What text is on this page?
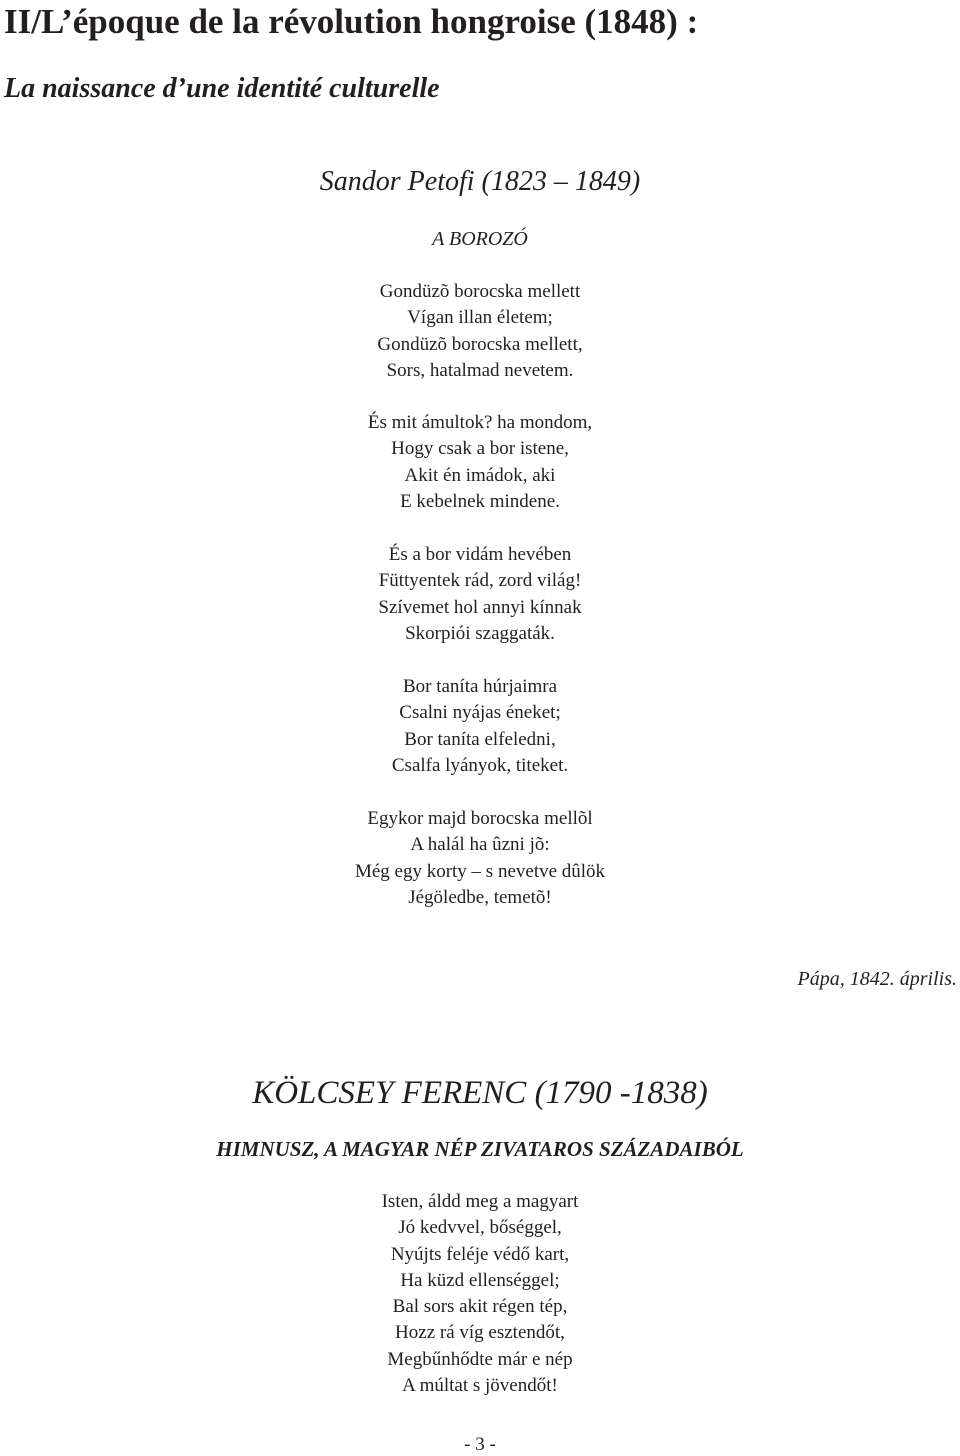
II/L’époque de la révolution hongroise (1848) :
La naissance d’une identité culturelle
Sandor Petofi (1823 – 1849)
A BOROZÓ
Gondüzõ borocska mellett
Vígan illan életem;
Gondüzõ borocska mellett,
Sors, hatalmad nevetem.
És mit ámultok? ha mondom,
Hogy csak a bor istene,
Akit én imádok, aki
E kebelnek mindene.
És a bor vidám hevében
Füttyentek rád, zord világ!
Szívemet hol annyi kínnak
Skorpiói szaggaták.
Bor taníta húrjaimra
Csalni nyájas éneket;
Bor taníta elfeledni,
Csalfa lyányok, titeket.
Egykor majd borocska mellõl
A halál ha ûzni jõ:
Még egy korty – s nevetve dûlök
Jégöledbe, temetõ!
Pápa, 1842. április.
KÖLCSEY FERENC (1790 -1838)
HIMNUSZ, A MAGYAR NÉP ZIVATAROS SZÁZADAIBÓL
Isten, áldd meg a magyart
Jó kedvvel, bőséggel,
Nyújts feléje védő kart,
Ha küzd ellenséggel;
Bal sors akit régen tép,
Hozz rá víg esztendőt,
Megbűnhődte már e nép
A múltat s jövendőt!
- 3 -
